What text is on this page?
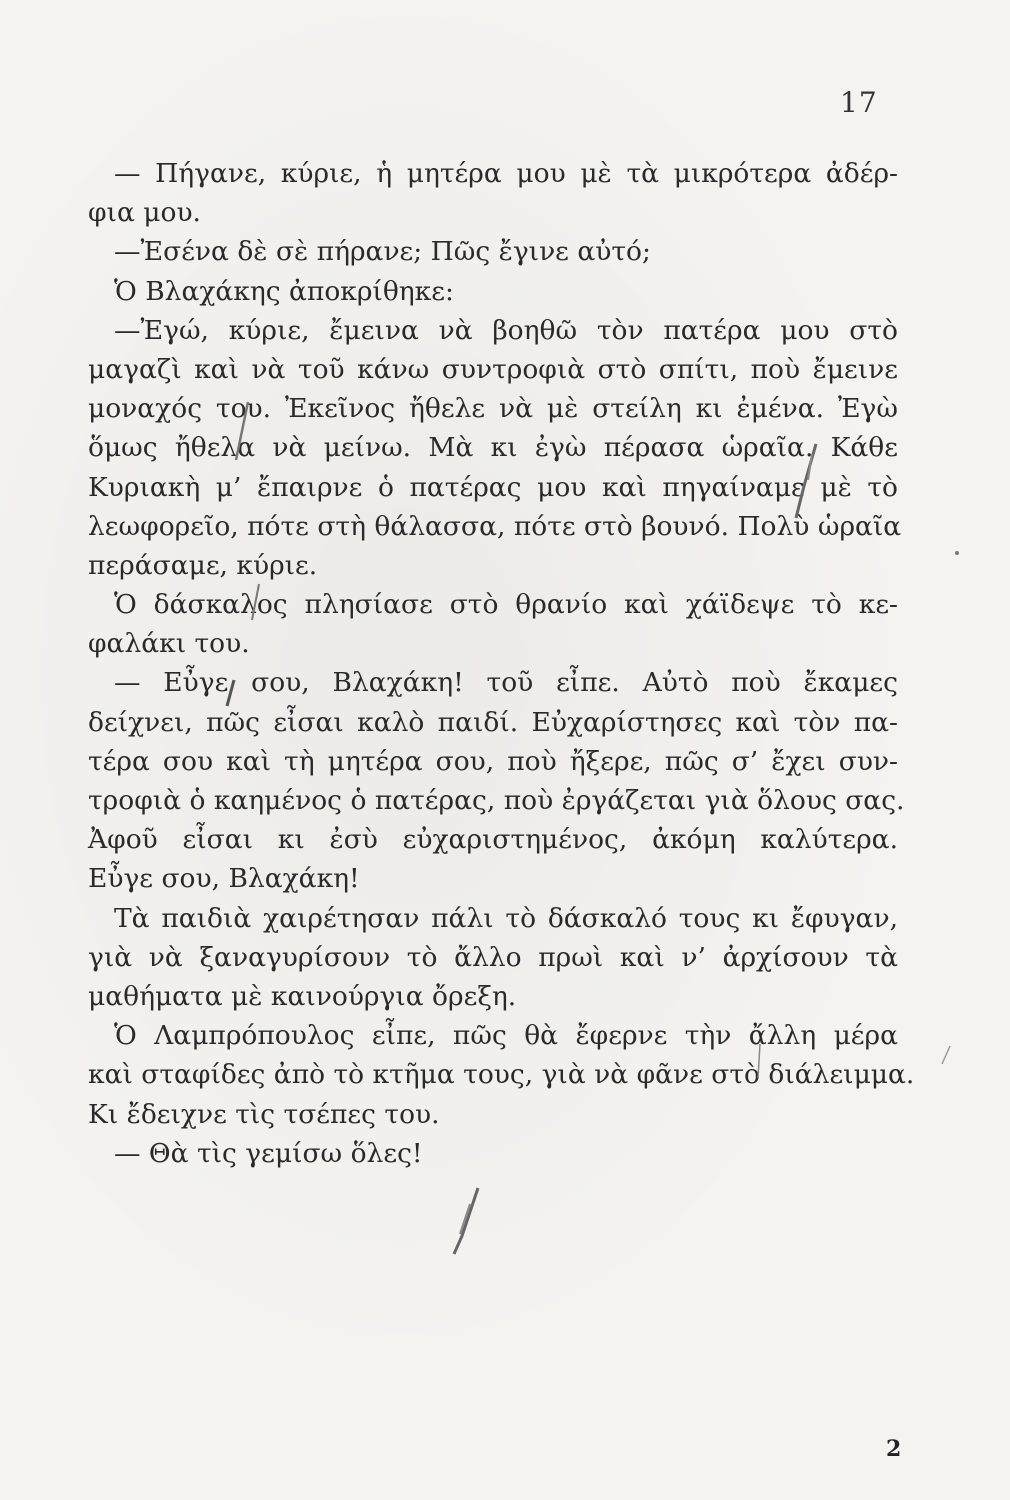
17
— Πήγανε, κύριε, ἡ μητέρα μου μὲ τὰ μικρότερα ἀδέρ-
φια μου.
—Ἐσένα δὲ σὲ πήρανε; Πῶς ἔγινε αὐτό;
Ὁ Βλαχάκης ἀποκρίθηκε:
—Ἐγώ, κύριε, ἔμεινα νὰ βοηθῶ τὸν πατέρα μου στὸ
μαγαζὶ καὶ νὰ τοῦ κάνω συντροφιὰ στὸ σπίτι, ποὺ ἔμεινε
μοναχός του. Ἐκεῖνος ἤθελε νὰ μὲ στείλη κι ἐμένα. Ἐγὼ
ὅμως ἤθελα νὰ μείνω. Μὰ κι ἐγὼ πέρασα ὡραῖα. Κάθε
Κυριακὴ μ’ ἔπαιρνε ὁ πατέρας μου καὶ πηγαίναμε μὲ τὸ
λεωφορεῖο, πότε στὴ θάλασσα, πότε στὸ βουνό. Πολὺ ὡραῖα
περάσαμε, κύριε.
Ὁ δάσκαλος πλησίασε στὸ θρανίο καὶ χάϊδεψε τὸ κε-
φαλάκι του.
— Εὖγε σου, Βλαχάκη! τοῦ εἶπε. Αὐτὸ ποὺ ἔκαμες
δείχνει, πῶς εἶσαι καλὸ παιδί. Εὐχαρίστησες καὶ τὸν πα-
τέρα σου καὶ τὴ μητέρα σου, ποὺ ἤξερε, πῶς σ’ ἔχει συν-
τροφιὰ ὁ καημένος ὁ πατέρας, ποὺ ἐργάζεται γιὰ ὅλους σας.
Ἀφοῦ εἶσαι κι ἐσὺ εὐχαριστημένος, ἀκόμη καλύτερα.
Εὖγε σου, Βλαχάκη!
Τὰ παιδιὰ χαιρέτησαν πάλι τὸ δάσκαλό τους κι ἔφυγαν,
γιὰ νὰ ξαναγυρίσουν τὸ ἄλλο πρωὶ καὶ ν’ ἀρχίσουν τὰ
μαθήματα μὲ καινούργια ὄρεξη.
Ὁ Λαμπρόπουλος εἶπε, πῶς θὰ ἔφερνε τὴν ἄλλη μέρα
καὶ σταφίδες ἀπὸ τὸ κτῆμα τους, γιὰ νὰ φᾶνε στὸ διάλειμμα.
Κι ἔδειχνε τὶς τσέπες του.
— Θὰ τὶς γεμίσω ὅλες!
2
